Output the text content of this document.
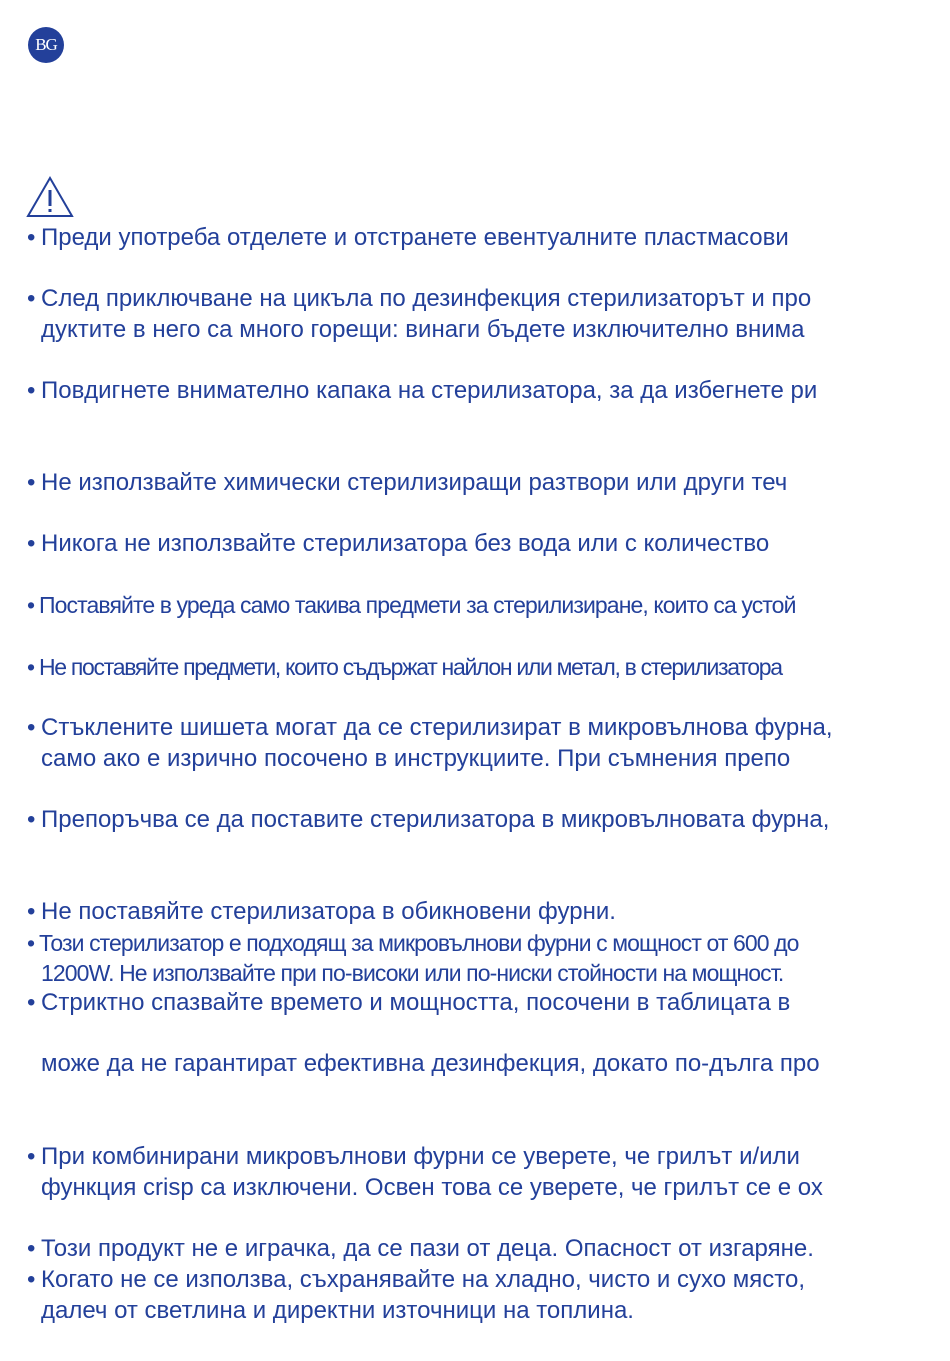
BG
• Преди употреба отделете и отстранете евентуалните пластмасови
• След приключване на цикъла по дезинфекция стерилизаторът и про
дуктите в него са много горещи: винаги бъдете изключително внима
• Повдигнете внимателно капака на стерилизатора, за да избегнете ри
• Не използвайте химически стерилизиращи разтвори или други теч
• Никога не използвайте стерилизатора без вода или с количество
• Поставяйте в уреда само такива предмети за стерилизиране, които са устой
• Не поставяйте предмети, които съдържат найлон или метал, в стерилизатора
• Стъклените шишета могат да се стерилизират в микровълнова фурна,
само ако е изрично посочено в инструкциите. При съмнения препо
• Препоръчва се да поставите стерилизатора в микровълновата фурна,
• Не поставяйте стерилизатора в обикновени фурни.
• Този стерилизатор е подходящ за микровълнови фурни с мощност от 600 до
1200W. Не използвайте при по-високи или по-ниски стойности на мощност.
• Стриктно спазвайте времето и мощността, посочени в таблицата в
може да не гарантират ефективна дезинфекция, докато по-дълга про
• При комбинирани микровълнови фурни се уверете, че грилът и/или
функция crisp са изключени. Освен това се уверете, че грилът се е ох
• Този продукт не е играчка, да се пази от деца. Опасност от изгаряне.
• Когато не се използва, съхранявайте на хладно, чисто и сухо място,
далеч от светлина и директни източници на топлина.
